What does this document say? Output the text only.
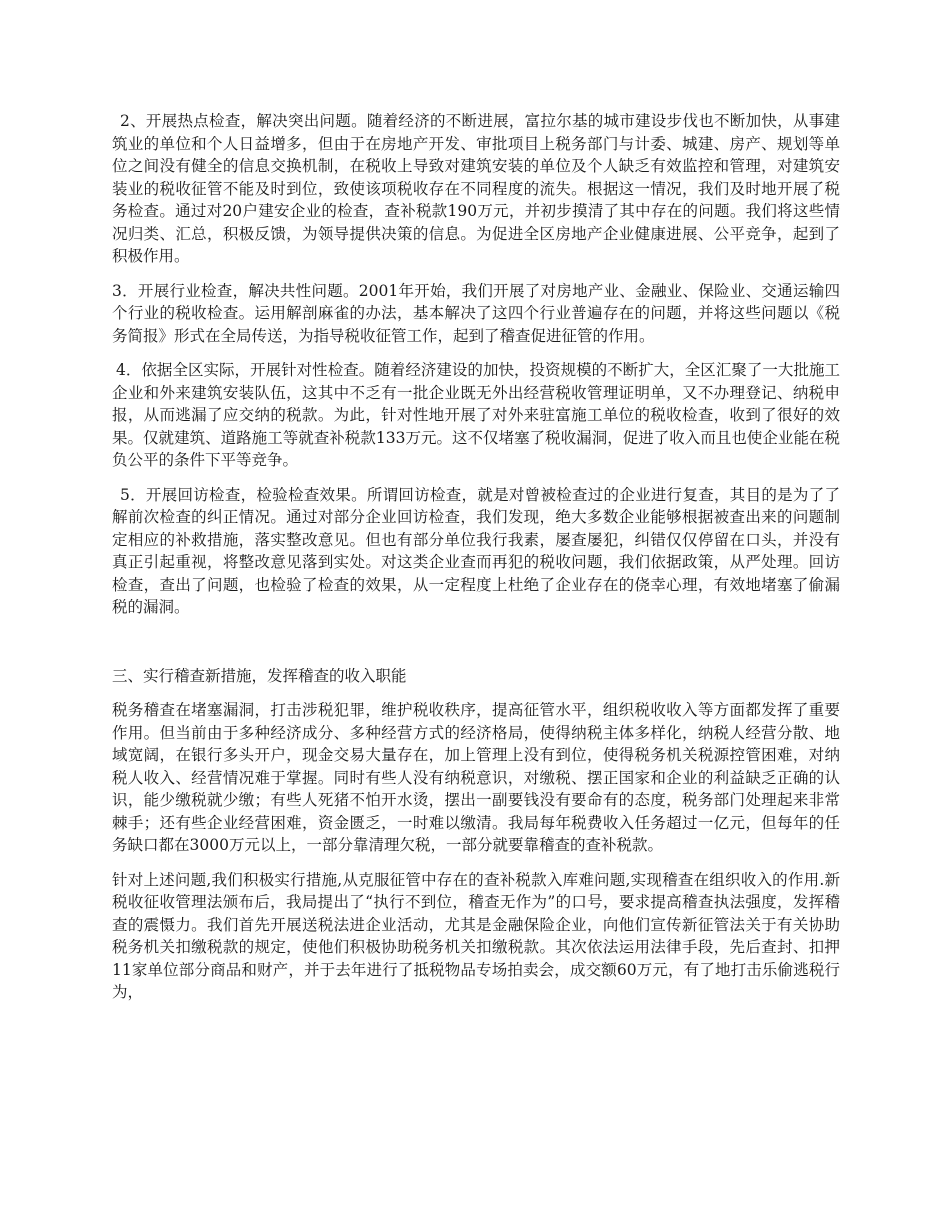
2、开展热点检查，解决突出问题。随着经济的不断进展，富拉尔基的城市建设步伐也不断加快，从事建筑业的单位和个人日益增多，但由于在房地产开发、审批项目上税务部门与计委、城建、房产、规划等单位之间没有健全的信息交换机制，在税收上导致对建筑安装的单位及个人缺乏有效监控和管理，对建筑安装业的税收征管不能及时到位，致使该项税收存在不同程度的流失。根据这一情况，我们及时地开展了税务检查。通过对20户建安企业的检查，查补税款190万元，并初步摸清了其中存在的问题。我们将这些情况归类、汇总，积极反馈，为领导提供决策的信息。为促进全区房地产企业健康进展、公平竞争，起到了积极作用。

3．开展行业检查，解决共性问题。2001年开始，我们开展了对房地产业、金融业、保险业、交通运输四个行业的税收检查。运用解剖麻雀的办法，基本解决了这四个行业普遍存在的问题，并将这些问题以《税务简报》形式在全局传送，为指导税收征管工作，起到了稽查促进征管的作用。

4．依据全区实际，开展针对性检查。随着经济建设的加快，投资规模的不断扩大，全区汇聚了一大批施工企业和外来建筑安装队伍，这其中不乏有一批企业既无外出经营税收管理证明单，又不办理登记、纳税申报，从而逃漏了应交纳的税款。为此，针对性地开展了对外来驻富施工单位的税收检查，收到了很好的效果。仅就建筑、道路施工等就查补税款133万元。这不仅堵塞了税收漏洞，促进了收入而且也使企业能在税负公平的条件下平等竞争。

5．开展回访检查，检验检查效果。所谓回访检查，就是对曾被检查过的企业进行复查，其目的是为了了解前次检查的纠正情况。通过对部分企业回访检查，我们发现，绝大多数企业能够根据被查出来的问题制定相应的补救措施，落实整改意见。但也有部分单位我行我素，屡查屡犯，纠错仅仅停留在口头，并没有真正引起重视，将整改意见落到实处。对这类企业查而再犯的税收问题，我们依据政策，从严处理。回访检查，查出了问题，也检验了检查的效果，从一定程度上杜绝了企业存在的侥幸心理，有效地堵塞了偷漏税的漏洞。

三、实行稽查新措施，发挥稽查的收入职能

税务稽查在堵塞漏洞，打击涉税犯罪，维护税收秩序，提高征管水平，组织税收收入等方面都发挥了重要作用。但当前由于多种经济成分、多种经营方式的经济格局，使得纳税主体多样化，纳税人经营分散、地域宽阔，在银行多头开户，现金交易大量存在，加上管理上没有到位，使得税务机关税源控管困难，对纳税人收入、经营情况难于掌握。同时有些人没有纳税意识，对缴税、摆正国家和企业的利益缺乏正确的认识，能少缴税就少缴；有些人死猪不怕开水烫，摆出一副要钱没有要命有的态度，税务部门处理起来非常棘手；还有些企业经营困难，资金匮乏，一时难以缴清。我局每年税费收入任务超过一亿元，但每年的任务缺口都在3000万元以上，一部分靠清理欠税，一部分就要靠稽查的查补税款。

针对上述问题,我们积极实行措施,从克服征管中存在的查补税款入库难问题,实现稽查在组织收入的作用.新税收征收管理法颁布后，我局提出了“执行不到位，稽查无作为”的口号，要求提高稽查执法强度，发挥稽查的震慑力。我们首先开展送税法进企业活动，尤其是金融保险企业，向他们宣传新征管法关于有关协助税务机关扣缴税款的规定，使他们积极协助税务机关扣缴税款。其次依法运用法律手段，先后查封、扣押11家单位部分商品和财产，并于去年进行了抵税物品专场拍卖会，成交额60万元，有了地打击乐偷逃税行为，
